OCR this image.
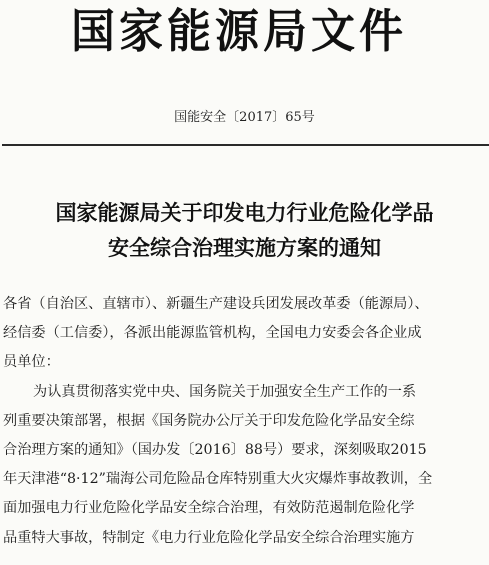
国家能源局文件
国能安全〔2017〕65号
国家能源局关于印发电力行业危险化学品
安全综合治理实施方案的通知
各省（自治区、直辖市）、新疆生产建设兵团发展改革委（能源局）、
经信委（工信委），各派出能源监管机构，全国电力安委会各企业成
员单位：
为认真贯彻落实党中央、国务院关于加强安全生产工作的一系
列重要决策部署，根据《国务院办公厅关于印发危险化学品安全综
合治理方案的通知》（国办发〔2016〕88号）要求，深刻吸取2015
年天津港“8·12”瑞海公司危险品仓库特别重大火灾爆炸事故教训，全
面加强电力行业危险化学品安全综合治理，有效防范遏制危险化学
品重特大事故，特制定《电力行业危险化学品安全综合治理实施方
